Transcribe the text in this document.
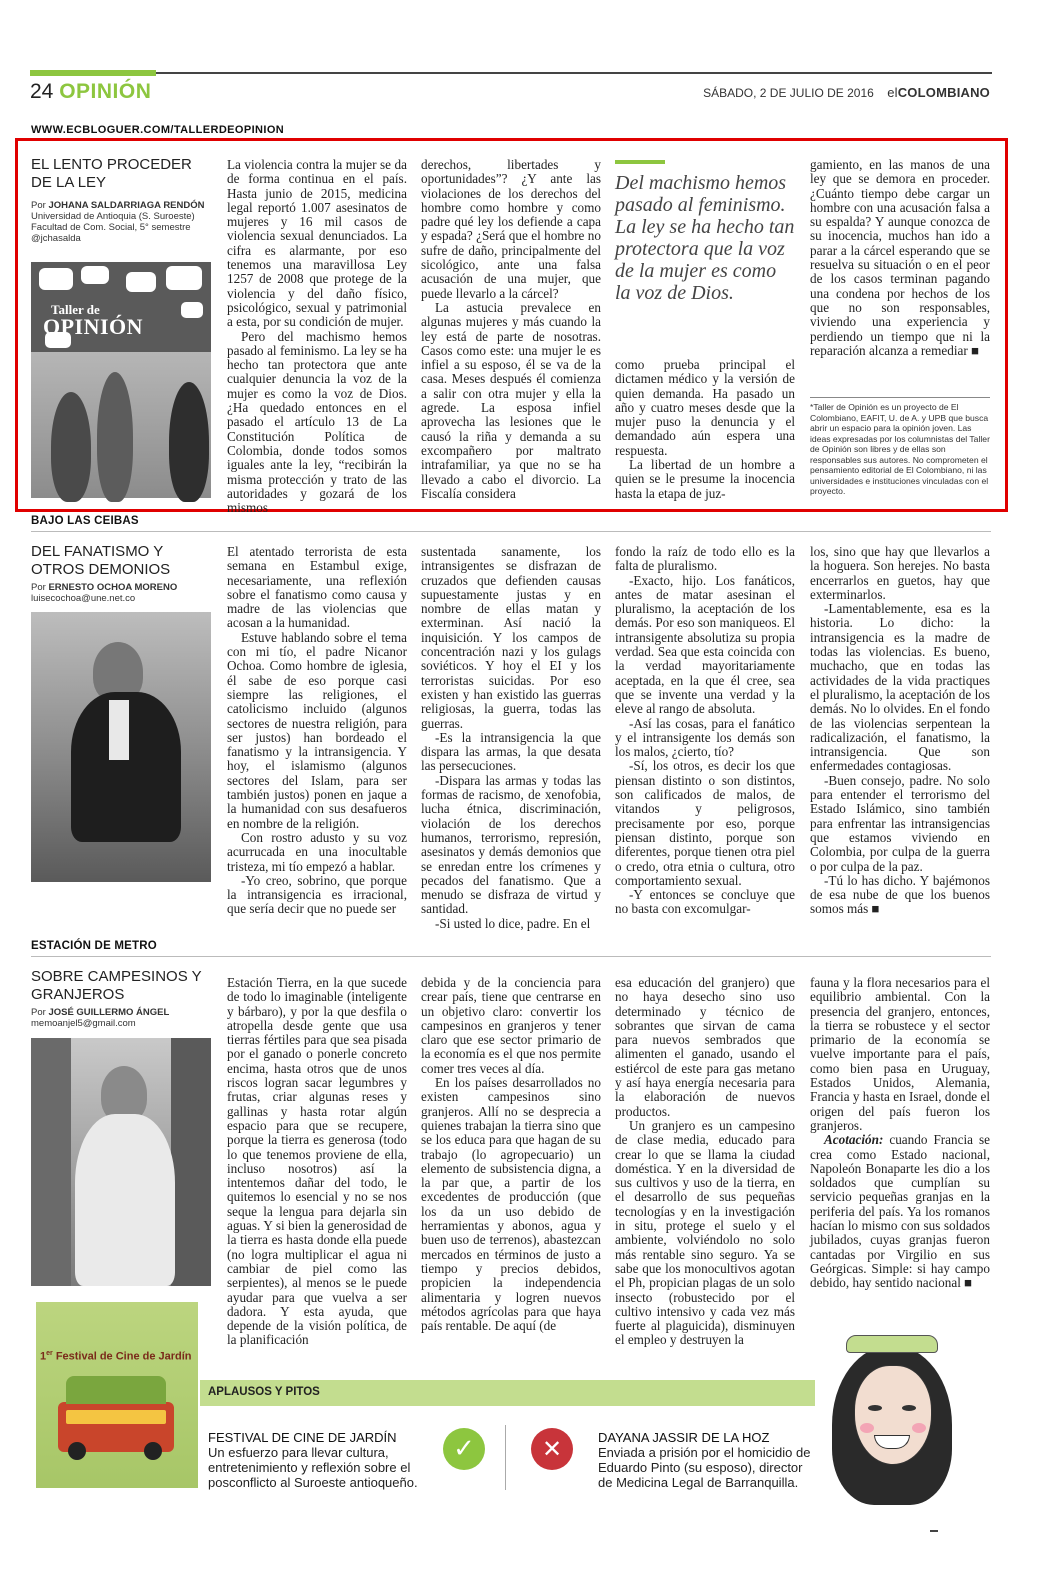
24 OPINIÓN	SÁBADO, 2 DE JULIO DE 2016 elCOLOMBIANO
WWW.ECBLOGUER.COM/TALLERDEOPINION
EL LENTO PROCEDER DE LA LEY
Por JOHANA SALDARRIAGA RENDÓN
Universidad de Antioquia (S. Suroeste)
Facultad de Com. Social, 5° semestre
@jchasalda
Taller de
OPINIÓN

La violencia contra la mujer se da de forma continua en el país. Hasta junio de 2015, medicina legal reportó 1.007 asesinatos de mujeres y 16 mil casos de violencia sexual denunciados. La cifra es alarmante, por eso tenemos una maravillosa Ley 1257 de 2008 que protege de la violencia y del daño físico, psicológico, sexual y patrimonial a esta, por su condición de mujer.

Pero del machismo hemos pasado al feminismo. La ley se ha hecho tan protectora que ante cualquier denuncia la voz de la mujer es como la voz de Dios. ¿Ha quedado entonces en el pasado el artículo 13 de La Constitución Política de Colombia, donde todos somos iguales ante la ley, “recibirán la misma protección y trato de las autoridades y gozará de los mismos

derechos, libertades y oportunidades”? ¿Y ante las violaciones de los derechos del hombre como hombre y como padre qué ley los defiende a capa y espada? ¿Será que el hombre no sufre de daño, principalmente del sicológico, ante una falsa acusación de una mujer, que puede llevarlo a la cárcel?

La astucia prevalece en algunas mujeres y más cuando la ley está de parte de nosotras. Casos como este: una mujer le es infiel a su esposo, él se va de la casa. Meses después él comienza a salir con otra mujer y ella la agrede. La esposa infiel aprovecha las lesiones que le causó la riña y demanda a su excompañero por maltrato intrafamiliar, ya que no se ha llevado a cabo el divorcio. La Fiscalía considera

Del machismo hemos pasado al feminismo. La ley se ha hecho tan protectora que la voz de la mujer es como la voz de Dios.

como prueba principal el dictamen médico y la versión de quien demanda. Ha pasado un año y cuatro meses desde que la mujer puso la denuncia y el demandado aún espera una respuesta.

La libertad de un hombre a quien se le presume la inocencia hasta la etapa de juz-

gamiento, en las manos de una ley que se demora en proceder. ¿Cuánto tiempo debe cargar un hombre con una acusación falsa a su espalda? Y aunque conozca de su inocencia, muchos han ido a parar a la cárcel esperando que se resuelva su situación o en el peor de los casos terminan pagando una condena por hechos de los que no son responsables, viviendo una experiencia y perdiendo un tiempo que ni la reparación alcanza a remediar ■

*Taller de Opinión es un proyecto de El Colombiano, EAFIT, U. de A. y UPB que busca abrir un espacio para la opinión joven. Las ideas expresadas por los columnistas del Taller de Opinión son libres y de ellas son responsables sus autores. No comprometen el pensamiento editorial de El Colombiano, ni las universidades e instituciones vinculadas con el proyecto.
BAJO LAS CEIBAS
DEL FANATISMO Y OTROS DEMONIOS
Por ERNESTO OCHOA MORENO
luisecochoa@une.net.co

El atentado terrorista de esta semana en Estambul exige, necesariamente, una reflexión sobre el fanatismo como causa y madre de las violencias que acosan a la humanidad.

Estuve hablando sobre el tema con mi tío, el padre Nicanor Ochoa. Como hombre de iglesia, él sabe de eso porque casi siempre las religiones, el catolicismo incluido (algunos sectores de nuestra religión, para ser justos) han bordeado el fanatismo y la intransigencia. Y hoy, el islamismo (algunos sectores del Islam, para ser también justos) ponen en jaque a la humanidad con sus desafueros en nombre de la religión.

Con rostro adusto y su voz acurrucada en una inocultable tristeza, mi tío empezó a hablar.

-Yo creo, sobrino, que porque la intransigencia es irracional, que sería decir que no puede ser

sustentada sanamente, los intransigentes se disfrazan de cruzados que defienden causas supuestamente justas y en nombre de ellas matan y exterminan. Así nació la inquisición. Y los campos de concentración nazi y los gulags soviéticos. Y hoy el EI y los terroristas suicidas. Por eso existen y han existido las guerras religiosas, la guerra, todas las guerras.

-Es la intransigencia la que dispara las armas, la que desata las persecuciones.

-Dispara las armas y todas las formas de racismo, de xenofobia, lucha étnica, discriminación, violación de los derechos humanos, terrorismo, represión, asesinatos y demás demonios que se enredan entre los crímenes y pecados del fanatismo. Que a menudo se disfraza de virtud y santidad.

-Si usted lo dice, padre. En el

fondo la raíz de todo ello es la falta de pluralismo.

-Exacto, hijo. Los fanáticos, antes de matar asesinan el pluralismo, la aceptación de los demás. Por eso son maniqueos. El intransigente absolutiza su propia verdad. Sea que esta coincida con la verdad mayoritariamente aceptada, en la que él cree, sea que se invente una verdad y la eleve al rango de absoluta.

-Así las cosas, para el fanático y el intransigente los demás son los malos, ¿cierto, tío?

-Sí, los otros, es decir los que piensan distinto o son distintos, son calificados de malos, de vitandos y peligrosos, precisamente por eso, porque piensan distinto, porque son diferentes, porque tienen otra piel o credo, otra etnia o cultura, otro comportamiento sexual.

-Y entonces se concluye que no basta con excomulgar-

los, sino que hay que llevarlos a la hoguera. Son herejes. No basta encerrarlos en guetos, hay que exterminarlos.

-Lamentablemente, esa es la historia. Lo dicho: la intransigencia es la madre de todas las violencias. Es bueno, muchacho, que en todas las actividades de la vida practiques el pluralismo, la aceptación de los demás. No lo olvides. En el fondo de las violencias serpentean la radicalización, el fanatismo, la intransigencia. Que son enfermedades contagiosas.

-Buen consejo, padre. No solo para entender el terrorismo del Estado Islámico, sino también para enfrentar las intransigencias que estamos viviendo en Colombia, por culpa de la guerra o por culpa de la paz.

-Tú lo has dicho. Y bajémonos de esa nube de que los buenos somos más ■

ESTACIÓN DE METRO
SOBRE CAMPESINOS Y GRANJEROS
Por JOSÉ GUILLERMO ÁNGEL
memoanjel5@gmail.com

Estación Tierra, en la que sucede de todo lo imaginable (inteligente y bárbaro), y por la que desfila o atropella desde gente que usa tierras fértiles para que sea pisada por el ganado o ponerle concreto encima, hasta otros que de unos riscos logran sacar legumbres y frutas, criar algunas reses y gallinas y hasta rotar algún espacio para que se recupere, porque la tierra es generosa (todo lo que tenemos proviene de ella, incluso nosotros) así la intentemos dañar del todo, le quitemos lo esencial y no se nos seque la lengua para dejarla sin aguas. Y si bien la generosidad de la tierra es hasta donde ella puede (no logra multiplicar el agua ni cambiar de piel como las serpientes), al menos se le puede ayudar para que vuelva a ser dadora. Y esta ayuda, que depende de la visión política, de la planificación

debida y de la conciencia para crear país, tiene que centrarse en un objetivo claro: convertir los campesinos en granjeros y tener claro que ese sector primario de la economía es el que nos permite comer tres veces al día.

En los países desarrollados no existen campesinos sino granjeros. Allí no se desprecia a quienes trabajan la tierra sino que se los educa para que hagan de su trabajo (lo agropecuario) un elemento de subsistencia digna, a la par que, a partir de los excedentes de producción (que los da un uso debido de herramientas y abonos, agua y buen uso de terrenos), abastezcan mercados en términos de justo a tiempo y precios debidos, propicien la independencia alimentaria y logren nuevos métodos agrícolas para que haya país rentable. De aquí (de

esa educación del granjero) que no haya desecho sino uso determinado y técnico de sobrantes que sirvan de cama para nuevos sembrados que alimenten el ganado, usando el estiércol de este para gas metano y así haya energía necesaria para la elaboración de nuevos productos.

Un granjero es un campesino de clase media, educado para crear lo que se llama la ciudad doméstica. Y en la diversidad de sus cultivos y uso de la tierra, en el desarrollo de sus pequeñas tecnologías y en la investigación in situ, protege el suelo y el ambiente, volviéndolo no solo más rentable sino seguro. Ya se sabe que los monocultivos agotan el Ph, propician plagas de un solo insecto (robustecido por el cultivo intensivo y cada vez más fuerte al plaguicida), disminuyen el empleo y destruyen la

fauna y la flora necesarios para el equilibrio ambiental. Con la presencia del granjero, entonces, la tierra se robustece y el sector primario de la economía se vuelve importante para el país, como bien pasa en Uruguay, Estados Unidos, Alemania, Francia y hasta en Israel, donde el origen del país fueron los granjeros.

Acotación: cuando Francia se crea como Estado nacional, Napoleón Bonaparte les dio a los soldados que cumplían su servicio pequeñas granjas en la periferia del país. Ya los romanos hacían lo mismo con sus soldados jubilados, cuyas granjas fueron cantadas por Virgilio en sus Geórgicas. Simple: si hay campo debido, hay sentido nacional ■

1er Festival de Cine de Jardín
APLAUSOS Y PITOS
FESTIVAL DE CINE DE JARDÍN
Un esfuerzo para llevar cultura, entretenimiento y reflexión sobre el posconflicto al Suroeste antioqueño.
✓	✕	DAYANA JASSIR DE LA HOZ
Enviada a prisión por el homicidio de Eduardo Pinto (su esposo), director de Medicina Legal de Barranquilla.
